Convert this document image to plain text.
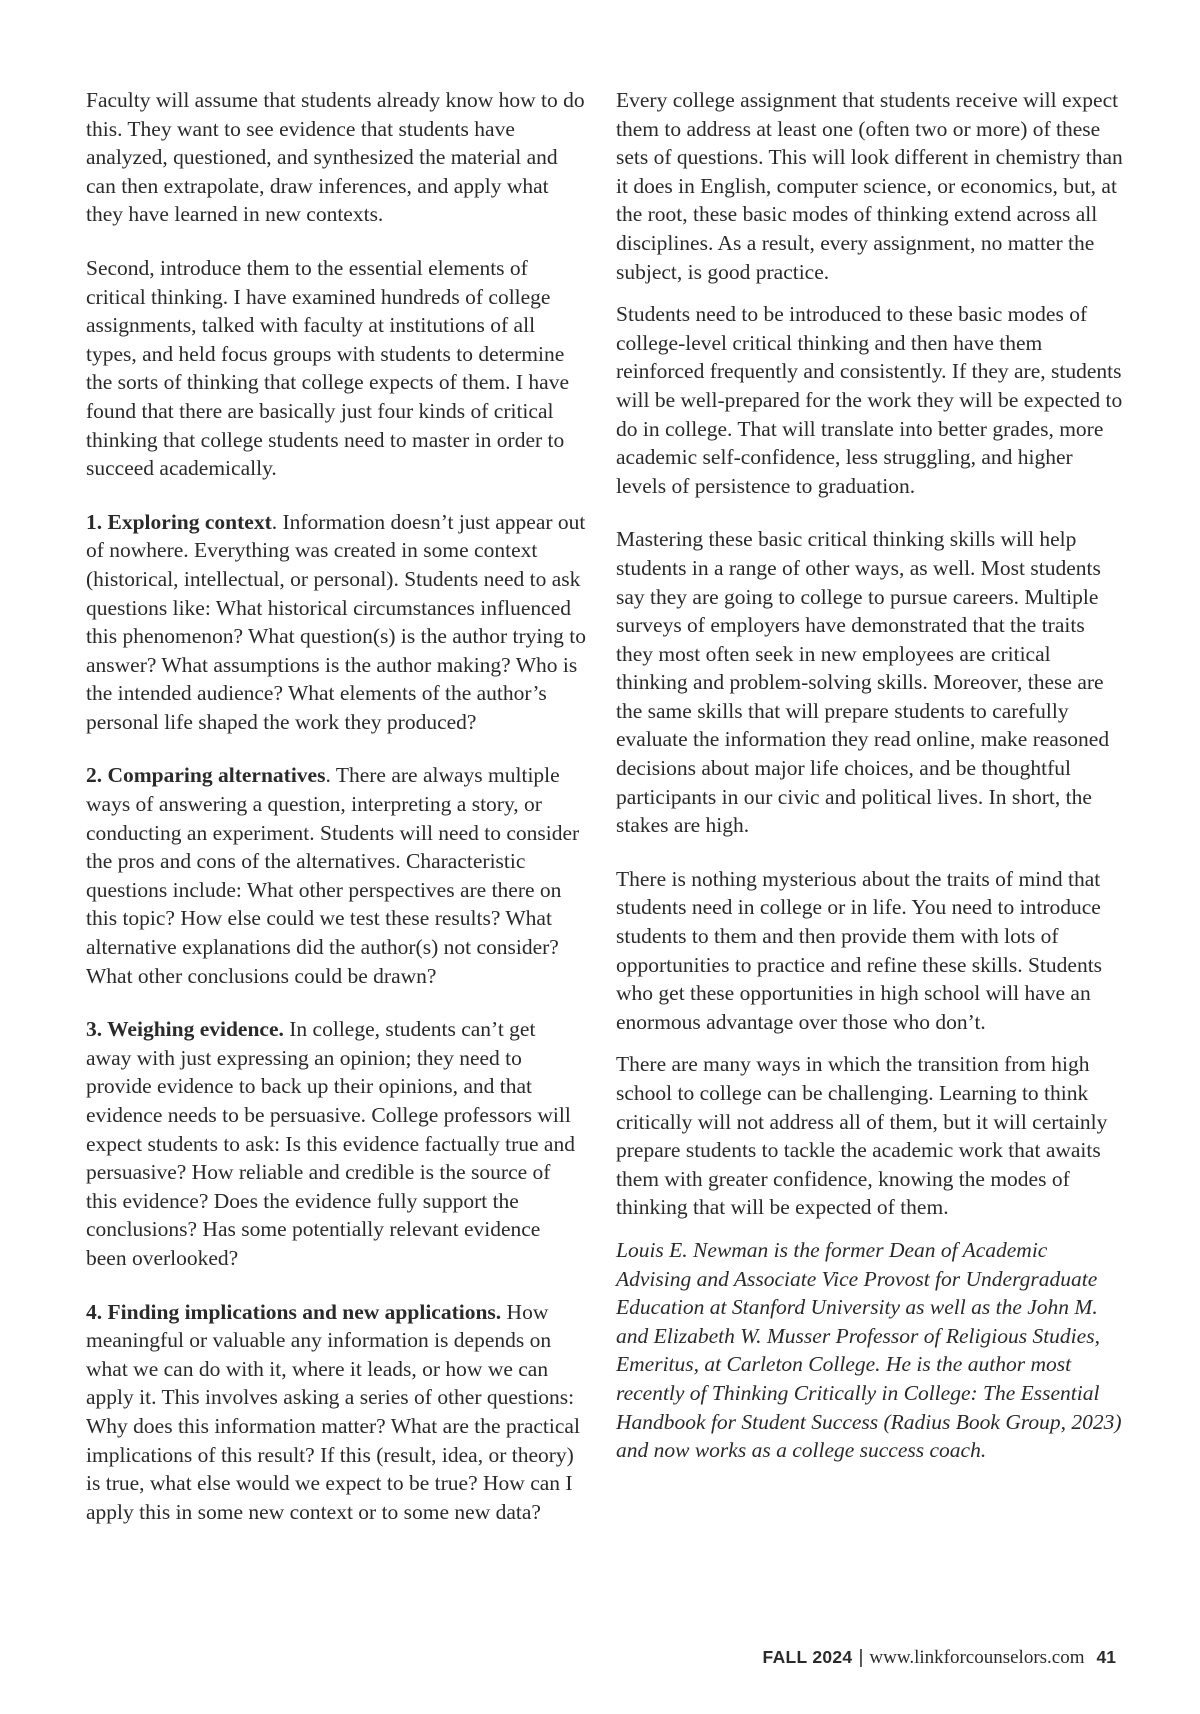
Faculty will assume that students already know how to do this. They want to see evidence that students have analyzed, questioned, and synthesized the material and can then extrapolate, draw inferences, and apply what they have learned in new contexts.

Second, introduce them to the essential elements of critical thinking. I have examined hundreds of college assignments, talked with faculty at institutions of all types, and held focus groups with students to determine the sorts of thinking that college expects of them. I have found that there are basically just four kinds of critical thinking that college students need to master in order to succeed academically.

1. Exploring context. Information doesn’t just appear out of nowhere. Everything was created in some context (historical, intellectual, or personal). Students need to ask questions like: What historical circumstances influenced this phenomenon? What question(s) is the author trying to answer? What assumptions is the author making? Who is the intended audience? What elements of the author’s personal life shaped the work they produced?

2. Comparing alternatives. There are always multiple ways of answering a question, interpreting a story, or conducting an experiment. Students will need to consider the pros and cons of the alternatives. Characteristic questions include: What other perspectives are there on this topic? How else could we test these results? What alternative explanations did the author(s) not consider? What other conclusions could be drawn?

3. Weighing evidence. In college, students can’t get away with just expressing an opinion; they need to provide evidence to back up their opinions, and that evidence needs to be persuasive. College professors will expect students to ask: Is this evidence factually true and persuasive? How reliable and credible is the source of this evidence? Does the evidence fully support the conclusions? Has some potentially relevant evidence been overlooked?

4. Finding implications and new applications. How meaningful or valuable any information is depends on what we can do with it, where it leads, or how we can apply it. This involves asking a series of other questions: Why does this information matter? What are the practical implications of this result? If this (result, idea, or theory) is true, what else would we expect to be true? How can I apply this in some new context or to some new data?

Every college assignment that students receive will expect them to address at least one (often two or more) of these sets of questions. This will look different in chemistry than it does in English, computer science, or economics, but, at the root, these basic modes of thinking extend across all disciplines. As a result, every assignment, no matter the subject, is good practice.

Students need to be introduced to these basic modes of college-level critical thinking and then have them reinforced frequently and consistently. If they are, students will be well-prepared for the work they will be expected to do in college. That will translate into better grades, more academic self-confidence, less struggling, and higher levels of persistence to graduation.

Mastering these basic critical thinking skills will help students in a range of other ways, as well. Most students say they are going to college to pursue careers. Multiple surveys of employers have demonstrated that the traits they most often seek in new employees are critical thinking and problem-solving skills. Moreover, these are the same skills that will prepare students to carefully evaluate the information they read online, make reasoned decisions about major life choices, and be thoughtful participants in our civic and political lives. In short, the stakes are high.

There is nothing mysterious about the traits of mind that students need in college or in life. You need to introduce students to them and then provide them with lots of opportunities to practice and refine these skills. Students who get these opportunities in high school will have an enormous advantage over those who don’t.

There are many ways in which the transition from high school to college can be challenging. Learning to think critically will not address all of them, but it will certainly prepare students to tackle the academic work that awaits them with greater confidence, knowing the modes of thinking that will be expected of them.

Louis E. Newman is the former Dean of Academic Advising and Associate Vice Provost for Undergraduate Education at Stanford University as well as the John M. and Elizabeth W. Musser Professor of Religious Studies, Emeritus, at Carleton College. He is the author most recently of Thinking Critically in College: The Essential Handbook for Student Success (Radius Book Group, 2023) and now works as a college success coach.

FALL 2024 | www.linkforcounselors.com 41
